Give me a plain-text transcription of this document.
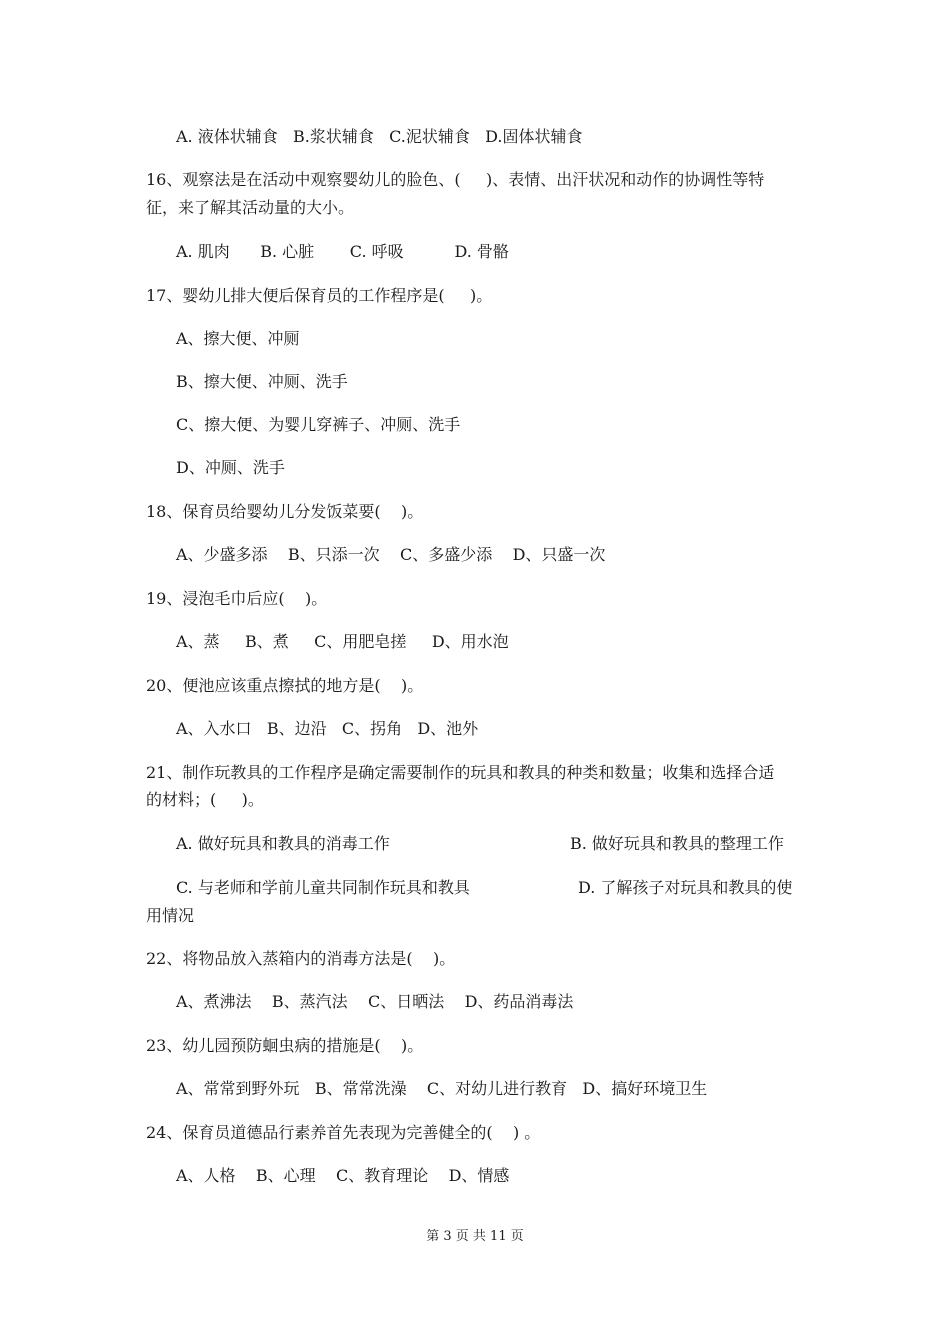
A. 液体状辅食   B.浆状辅食   C.泥状辅食   D.固体状辅食
16、观察法是在活动中观察婴幼儿的脸色、(     )、表情、出汗状况和动作的协调性等特
征，来了解其活动量的大小。
A. 肌肉      B. 心脏       C. 呼吸          D. 骨骼
17、婴幼儿排大便后保育员的工作程序是(     )。
A、擦大便、冲厕
B、擦大便、冲厕、洗手
C、擦大便、为婴儿穿裤子、冲厕、洗手
D、冲厕、洗手
18、保育员给婴幼儿分发饭菜要(    )。
A、少盛多添    B、只添一次    C、多盛少添    D、只盛一次
19、浸泡毛巾后应(    )。
A、蒸     B、煮     C、用肥皂搓     D、用水泡
20、便池应该重点擦拭的地方是(    )。
A、入水口   B、边沿   C、拐角   D、池外
21、制作玩教具的工作程序是确定需要制作的玩具和教具的种类和数量；收集和选择合适
的材料；(     )。
A. 做好玩具和教具的消毒工作	B. 做好玩具和教具的整理工作
C. 与老师和学前儿童共同制作玩具和教具	D. 了解孩子对玩具和教具的使
用情况
22、将物品放入蒸箱内的消毒方法是(    )。
A、煮沸法    B、蒸汽法    C、日晒法    D、药品消毒法
23、幼儿园预防蛔虫病的措施是(    )。
A、常常到野外玩   B、常常洗澡    C、对幼儿进行教育   D、搞好环境卫生
24、保育员道德品行素养首先表现为完善健全的(    ) 。
A、人格    B、心理    C、教育理论    D、情感
第 3 页 共 11 页
